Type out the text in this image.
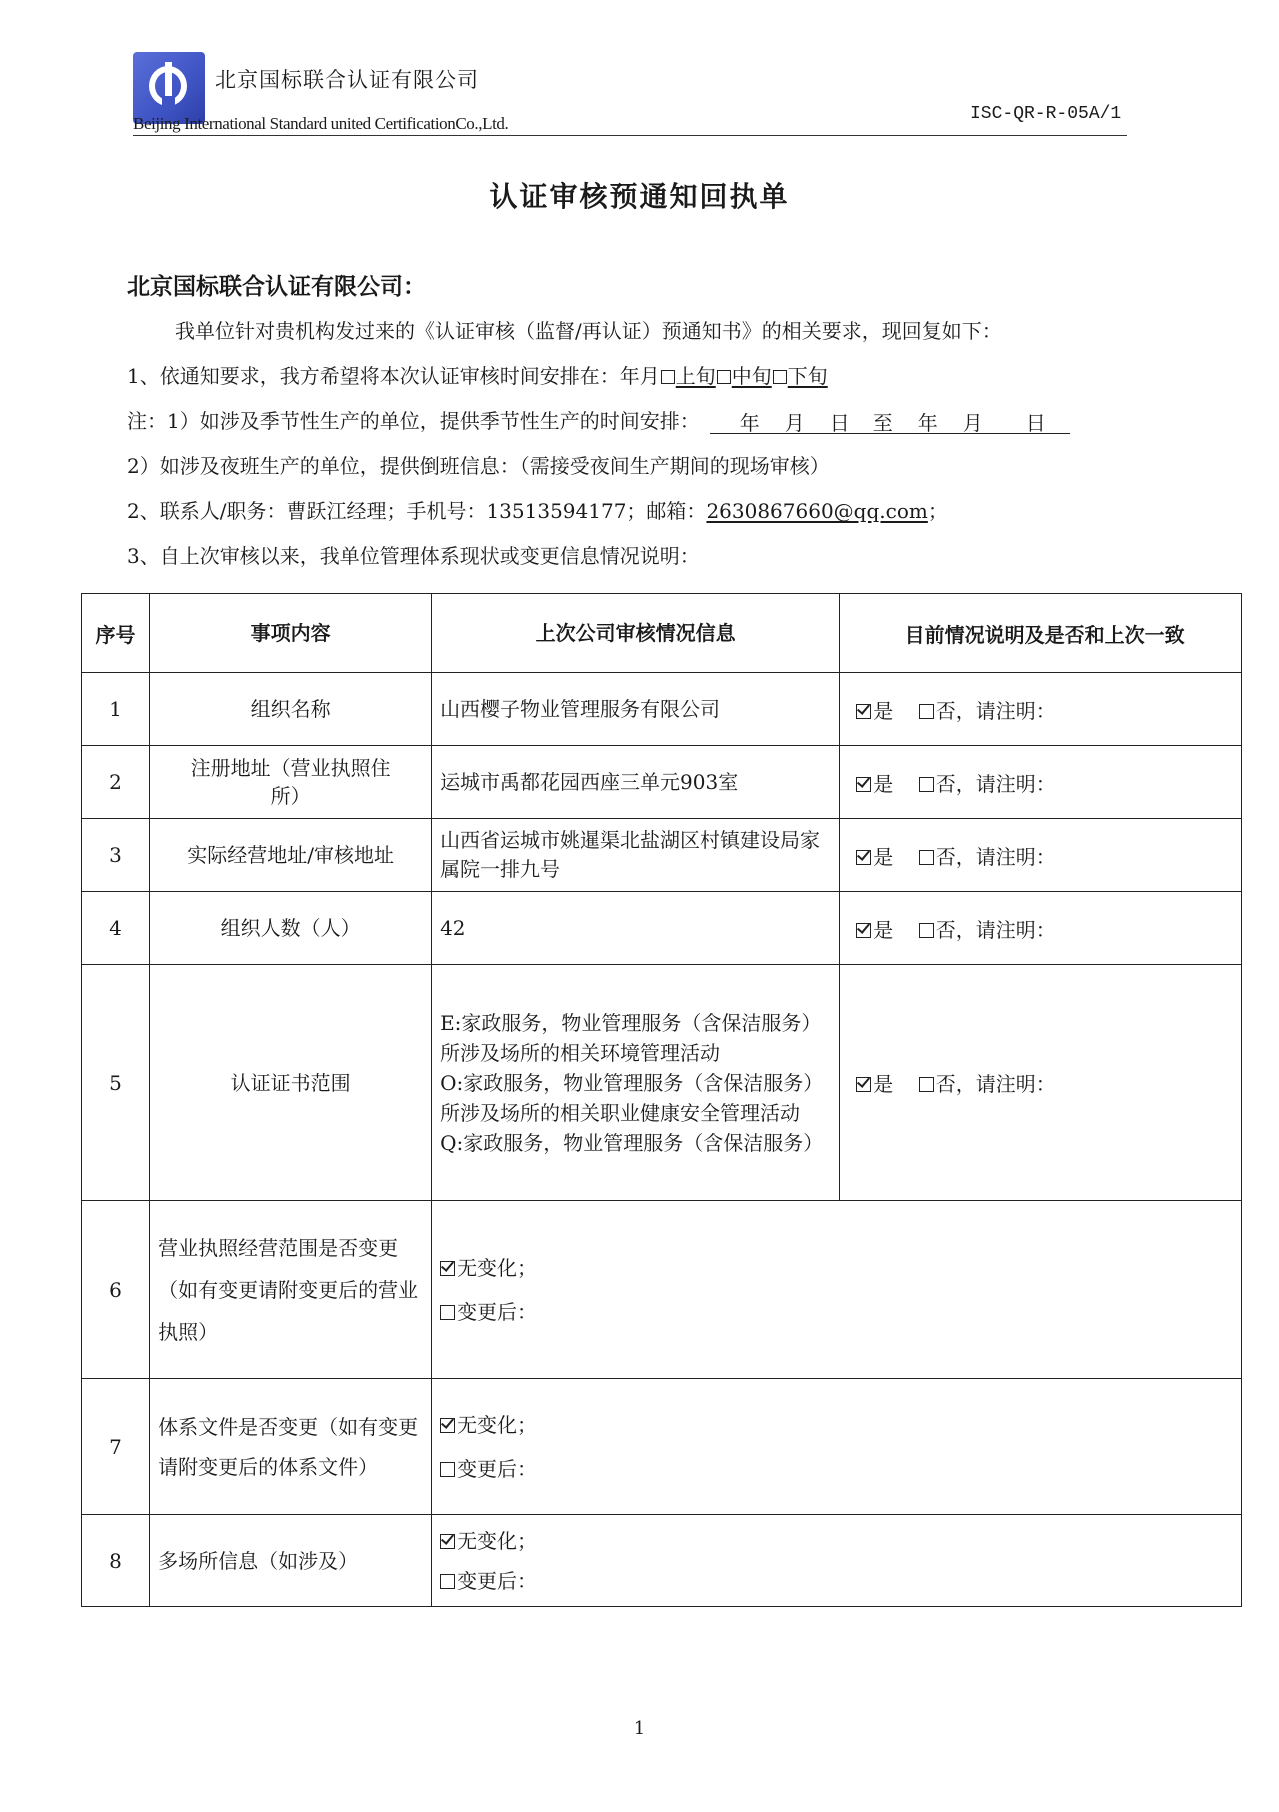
北京国标联合认证有限公司
Beijing International Standard united CertificationCo.,Ltd.	ISC-QR-R-05A/1
认证审核预通知回执单
北京国标联合认证有限公司：
我单位针对贵机构发过来的《认证审核（监督/再认证）预通知书》的相关要求，现回复如下：
1、依通知要求，我方希望将本次认证审核时间安排在：年月 上旬 中旬 下旬
注：1）如涉及季节性生产的单位，提供季节性生产的时间安排： 年 月 日 至 年 月 日
2）如涉及夜班生产的单位，提供倒班信息：（需接受夜间生产期间的现场审核）
2、联系人/职务：曹跃江经理；手机号：13513594177；邮箱：2630867660@qq.com；
3、自上次审核以来，我单位管理体系现状或变更信息情况说明：
序号	事项内容	上次公司审核情况信息	目前情况说明及是否和上次一致
1	组织名称	山西樱子物业管理服务有限公司	是 否，请注明：
2	注册地址（营业执照住所）	运城市禹都花园西座三单元903室	是 否，请注明：
3	实际经营地址/审核地址	山西省运城市姚暹渠北盐湖区村镇建设局家属院一排九号	是 否，请注明：
4	组织人数（人）	42	是 否，请注明：
5	认证证书范围	E:家政服务，物业管理服务（含保洁服务）所涉及场所的相关环境管理活动
O:家政服务，物业管理服务（含保洁服务）所涉及场所的相关职业健康安全管理活动
Q:家政服务，物业管理服务（含保洁服务）	是 否，请注明：
6	营业执照经营范围是否变更（如有变更请附变更后的营业执照）	无变化；
变更后：	
7	体系文件是否变更（如有变更请附变更后的体系文件）	无变化；
变更后：	
8	多场所信息（如涉及）	无变化；
变更后：	
1
